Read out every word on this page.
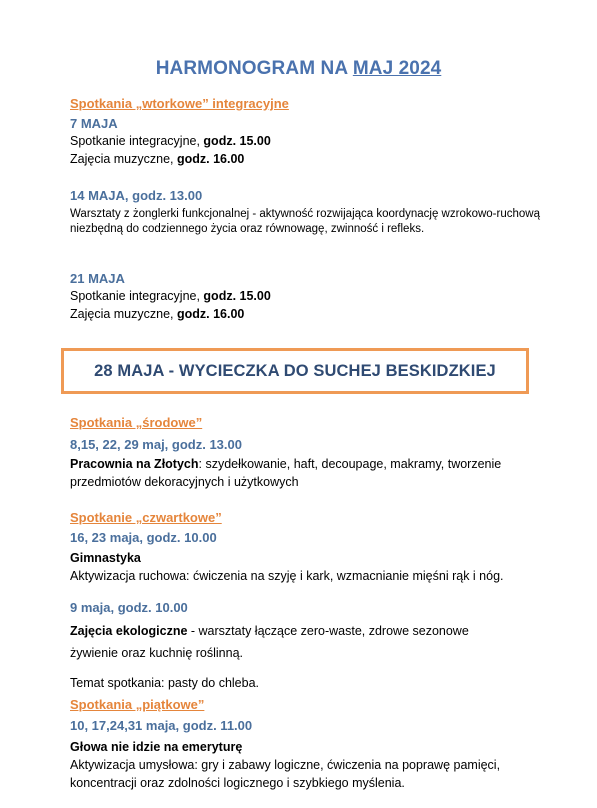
HARMONOGRAM NA MAJ 2024

Spotkania „wtorkowe” integracyjne

7 MAJA

Spotkanie integracyjne, godz. 15.00

Zajęcia muzyczne, godz. 16.00

14 MAJA, godz. 13.00

Warsztaty z żonglerki funkcjonalnej - aktywność rozwijająca koordynację wzrokowo-ruchową niezbędną do codziennego życia oraz równowagę, zwinność i refleks.

21 MAJA

Spotkanie integracyjne, godz. 15.00

Zajęcia muzyczne, godz. 16.00

28 MAJA - WYCIECZKA DO SUCHEJ BESKIDZKIEJ

Spotkania „środowe”

8,15, 22, 29 maj, godz. 13.00

Pracownia na Złotych: szydełkowanie, haft, decoupage, makramy, tworzenie przedmiotów dekoracyjnych i użytkowych

Spotkanie „czwartkowe”

16, 23 maja, godz. 10.00

Gimnastyka

Aktywizacja ruchowa: ćwiczenia na szyję i kark, wzmacnianie mięśni rąk i nóg.

9 maja, godz. 10.00

Zajęcia ekologiczne - warsztaty łączące zero-waste, zdrowe sezonowe żywienie oraz kuchnię roślinną.

Temat spotkania: pasty do chleba.

Spotkania „piątkowe”

10, 17,24,31 maja, godz. 11.00

Głowa nie idzie na emeryturę

Aktywizacja umysłowa: gry i zabawy logiczne, ćwiczenia na poprawę pamięci, koncentracji oraz zdolności logicznego i szybkiego myślenia.
